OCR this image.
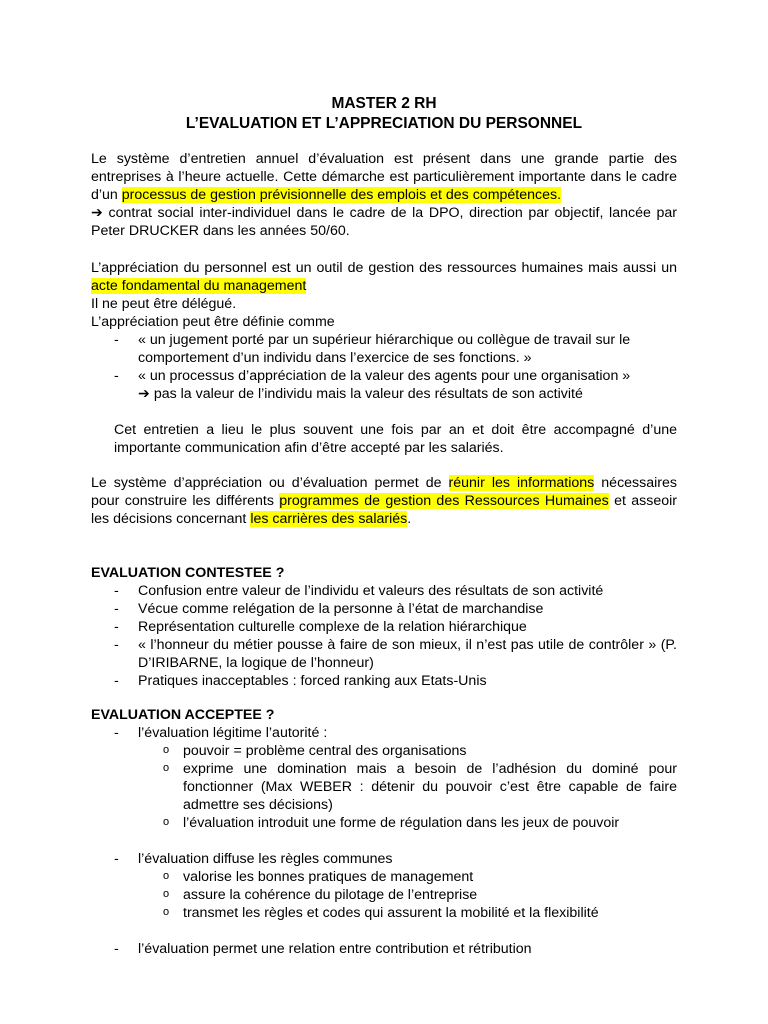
MASTER 2 RH
L’EVALUATION ET L’APPRECIATION DU PERSONNEL
Le système d’entretien annuel d’évaluation est présent dans une grande partie des entreprises à l’heure actuelle. Cette démarche est particulièrement importante dans le cadre d’un processus de gestion prévisionnelle des emplois et des compétences.
➔ contrat social inter-individuel dans le cadre de la DPO, direction par objectif, lancée par Peter DRUCKER dans les années 50/60.
L’appréciation du personnel est un outil de gestion des ressources humaines mais aussi un acte fondamental du management
Il ne peut être délégué.
L’appréciation peut être définie comme
- « un jugement porté par un supérieur hiérarchique ou collègue de travail sur le comportement d’un individu dans l’exercice de ses fonctions. »
- « un processus d’appréciation de la valeur des agents pour une organisation »
➔ pas la valeur de l’individu mais la valeur des résultats de son activité
Cet entretien a lieu le plus souvent une fois par an et doit être accompagné d’une importante communication afin d’être accepté par les salariés.
Le système d’appréciation ou d’évaluation permet de réunir les informations nécessaires pour construire les différents programmes de gestion des Ressources Humaines et asseoir les décisions concernant les carrières des salariés.
EVALUATION CONTESTEE ?
- Confusion entre valeur de l’individu et valeurs des résultats de son activité
- Vécue comme relégation de la personne à l’état de marchandise
- Représentation culturelle complexe de la relation hiérarchique
- « l’honneur du métier pousse à faire de son mieux, il n’est pas utile de contrôler » (P. D’IRIBARNE, la logique de l’honneur)
- Pratiques inacceptables : forced ranking aux Etats-Unis
EVALUATION ACCEPTEE ?
- l’évaluation légitime l’autorité :
o pouvoir = problème central des organisations
o exprime une domination mais a besoin de l’adhésion du dominé pour fonctionner (Max WEBER : détenir du pouvoir c’est être capable de faire admettre ses décisions)
o l’évaluation introduit une forme de régulation dans les jeux de pouvoir
- l’évaluation diffuse les règles communes
o valorise les bonnes pratiques de management
o assure la cohérence du pilotage de l’entreprise
o transmet les règles et codes qui assurent la mobilité et la flexibilité
- l’évaluation permet une relation entre contribution et rétribution
